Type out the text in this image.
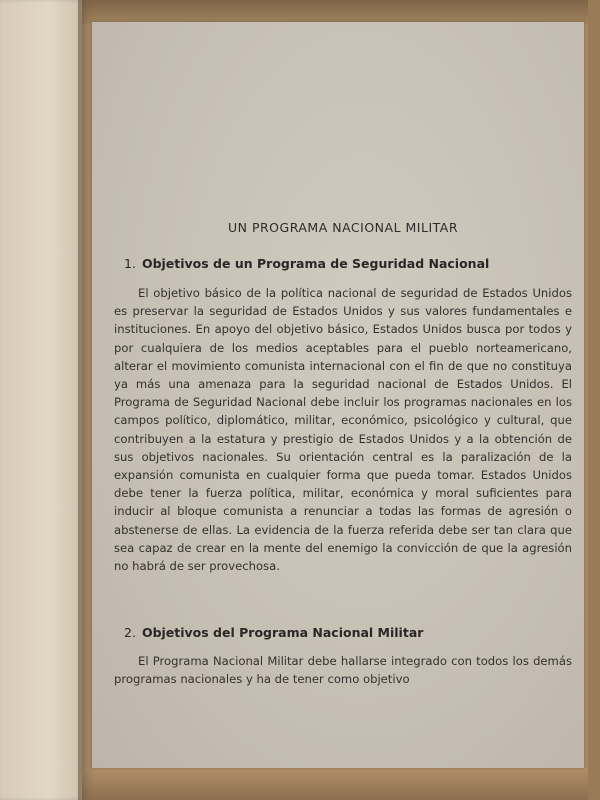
UN PROGRAMA NACIONAL MILITAR
1. Objetivos de un Programa de Seguridad Nacional

El objetivo básico de la política nacional de seguridad de Estados Unidos es preservar la seguridad de Estados Unidos y sus valores fundamentales e instituciones. En apoyo del objetivo básico, Estados Unidos busca por todos y por cualquiera de los medios aceptables para el pueblo norteamericano, alterar el movimiento comunista internacional con el fin de que no constituya ya más una amenaza para la seguridad nacional de Estados Unidos. El Programa de Seguridad Nacional debe incluir los programas nacionales en los campos político, diplomático, militar, económico, psicológico y cultural, que contribuyen a la estatura y prestigio de Estados Unidos y a la obtención de sus objetivos nacionales. Su orientación central es la paralización de la expansión comunista en cualquier forma que pueda tomar. Estados Unidos debe tener la fuerza política, militar, económica y moral suficientes para inducir al bloque comunista a renunciar a todas las formas de agresión o abstenerse de ellas. La evidencia de la fuerza referida debe ser tan clara que sea capaz de crear en la mente del enemigo la convicción de que la agresión no habrá de ser provechosa.

2. Objetivos del Programa Nacional Militar

El Programa Nacional Militar debe hallarse integrado con todos los demás programas nacionales y ha de tener como objetivo
